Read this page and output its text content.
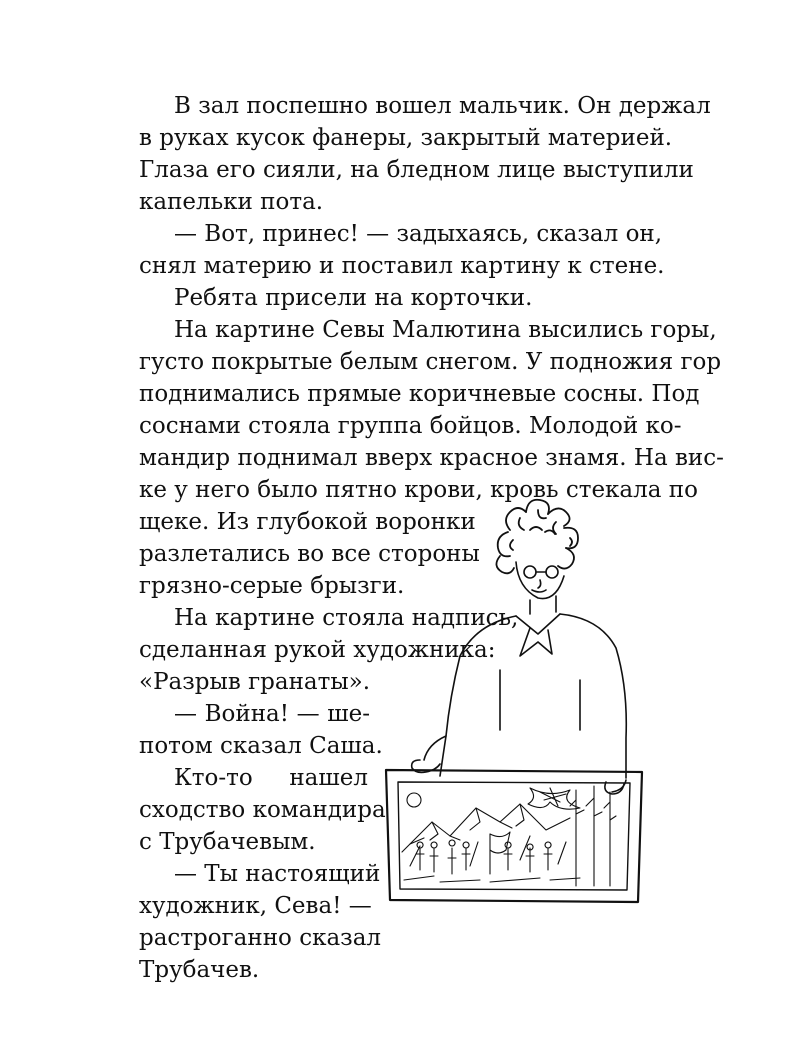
В зал поспешно вошел мальчик. Он держал
в руках кусок фанеры, закрытый материей.
Глаза его сияли, на бледном лице выступили
капельки пота.
— Вот, принес! — задыхаясь, сказал он,
снял материю и поставил картину к стене.
Ребята присели на корточки.
На картине Севы Малютина высились горы,
густо покрытые белым снегом. У подножия гор
поднимались прямые коричневые сосны. Под
соснами стояла группа бойцов. Молодой ко-
мандир поднимал вверх красное знамя. На вис-
ке у него было пятно крови, кровь стекала по
щеке. Из глубокой воронки
разлетались во все стороны
грязно-серые брызги.
На картине стояла надпись,
сделанная рукой художника:
«Разрыв гранаты».
— Война! — ше-
потом сказал Саша.
Кто-то нашел
сходство командира
с Трубачевым.
— Ты настоящий
художник, Сева! —
растроганно сказал
Трубачев.
